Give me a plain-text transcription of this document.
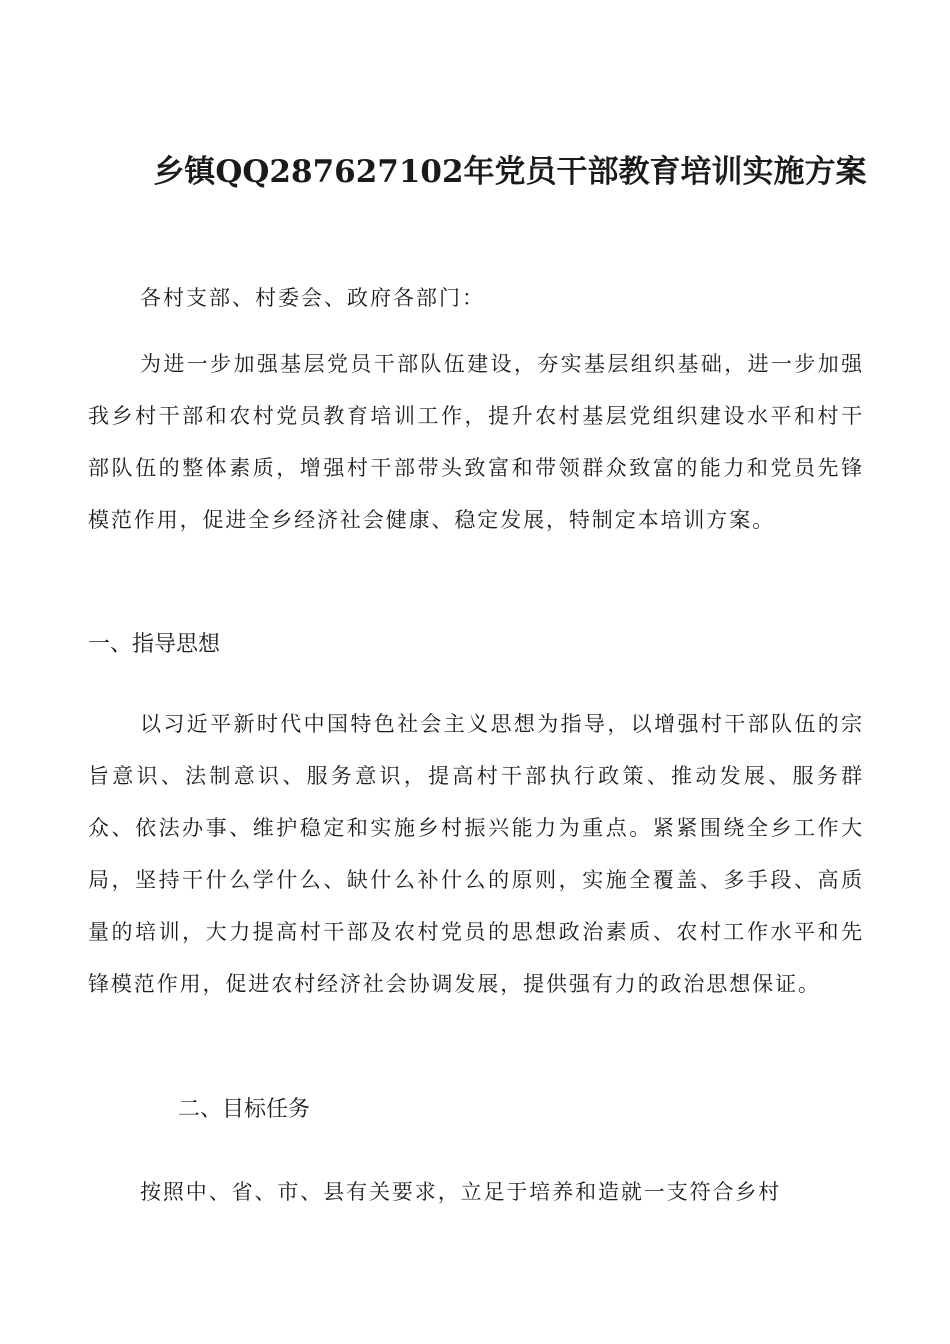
乡镇QQ287627102年党员干部教育培训实施方案

各村支部、村委会、政府各部门：

为进一步加强基层党员干部队伍建设，夯实基层组织基础，进一步加强我乡村干部和农村党员教育培训工作，提升农村基层党组织建设水平和村干部队伍的整体素质，增强村干部带头致富和带领群众致富的能力和党员先锋模范作用，促进全乡经济社会健康、稳定发展，特制定本培训方案。

一、指导思想

以习近平新时代中国特色社会主义思想为指导，以增强村干部队伍的宗旨意识、法制意识、服务意识，提高村干部执行政策、推动发展、服务群众、依法办事、维护稳定和实施乡村振兴能力为重点。紧紧围绕全乡工作大局，坚持干什么学什么、缺什么补什么的原则，实施全覆盖、多手段、高质量的培训，大力提高村干部及农村党员的思想政治素质、农村工作水平和先锋模范作用，促进农村经济社会协调发展，提供强有力的政治思想保证。

二、目标任务

按照中、省、市、县有关要求，立足于培养和造就一支符合乡村
